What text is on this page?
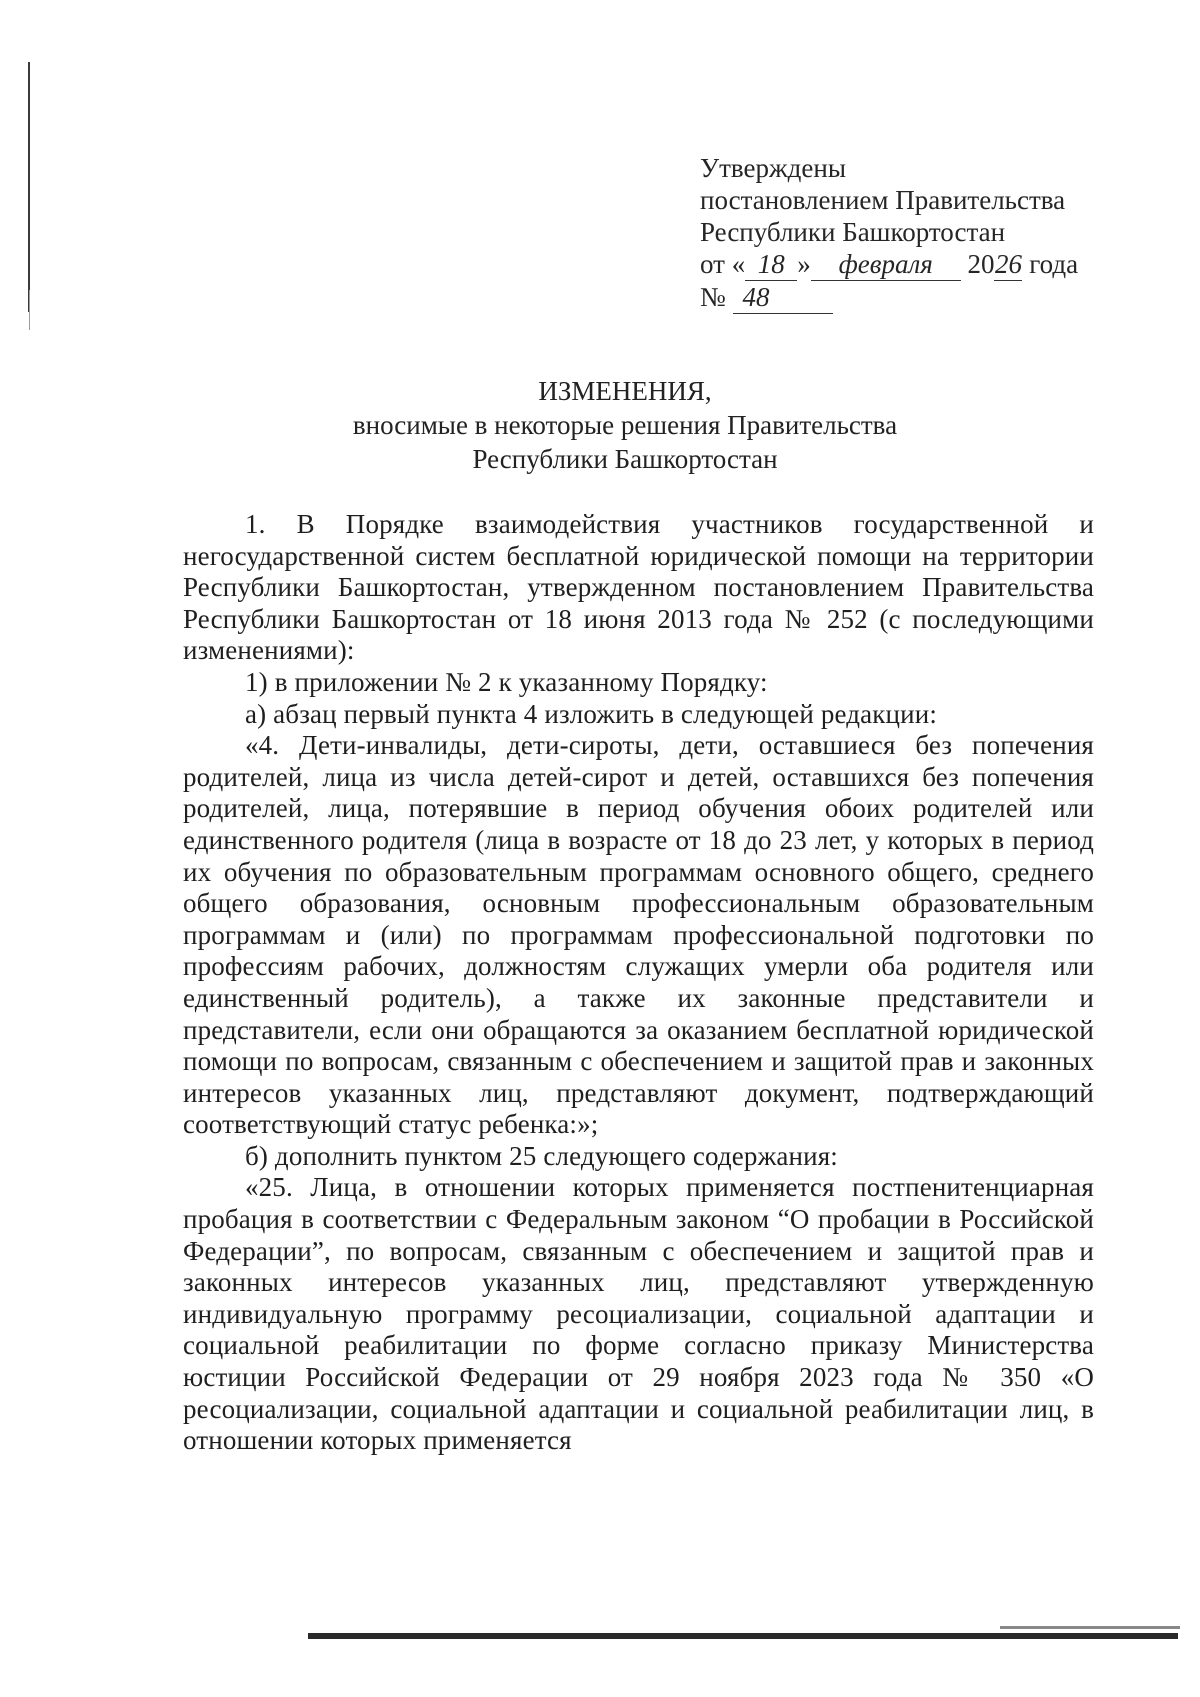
Утверждены
постановлением Правительства
Республики Башкортостан
от « 18 » февраля 2026 года
№ 48
ИЗМЕНЕНИЯ,
вносимые в некоторые решения Правительства
Республики Башкортостан

1. В Порядке взаимодействия участников государственной и негосударственной систем бесплатной юридической помощи на территории Республики Башкортостан, утвержденном постановлением Правительства Республики Башкортостан от 18 июня 2013 года № 252 (с последующими изменениями):

1) в приложении № 2 к указанному Порядку:

а) абзац первый пункта 4 изложить в следующей редакции:

«4. Дети-инвалиды, дети-сироты, дети, оставшиеся без попечения родителей, лица из числа детей-сирот и детей, оставшихся без попечения родителей, лица, потерявшие в период обучения обоих родителей или единственного родителя (лица в возрасте от 18 до 23 лет, у которых в период их обучения по образовательным программам основного общего, среднего общего образования, основным профессиональным образовательным программам и (или) по программам профессиональной подготовки по профессиям рабочих, должностям служащих умерли оба родителя или единственный родитель), а также их законные представители и представители, если они обращаются за оказанием бесплатной юридической помощи по вопросам, связанным с обеспечением и защитой прав и законных интересов указанных лиц, представляют документ, подтверждающий соответствующий статус ребенка:»;

б) дополнить пунктом 25 следующего содержания:

«25. Лица, в отношении которых применяется постпенитенциарная пробация в соответствии с Федеральным законом “О пробации в Российской Федерации”, по вопросам, связанным с обеспечением и защитой прав и законных интересов указанных лиц, представляют утвержденную индивидуальную программу ресоциализации, социальной адаптации и социальной реабилитации по форме согласно приказу Министерства юстиции Российской Федерации от 29 ноября 2023 года № 350 «О ресоциализации, социальной адаптации и социальной реабилитации лиц, в отношении которых применяется
